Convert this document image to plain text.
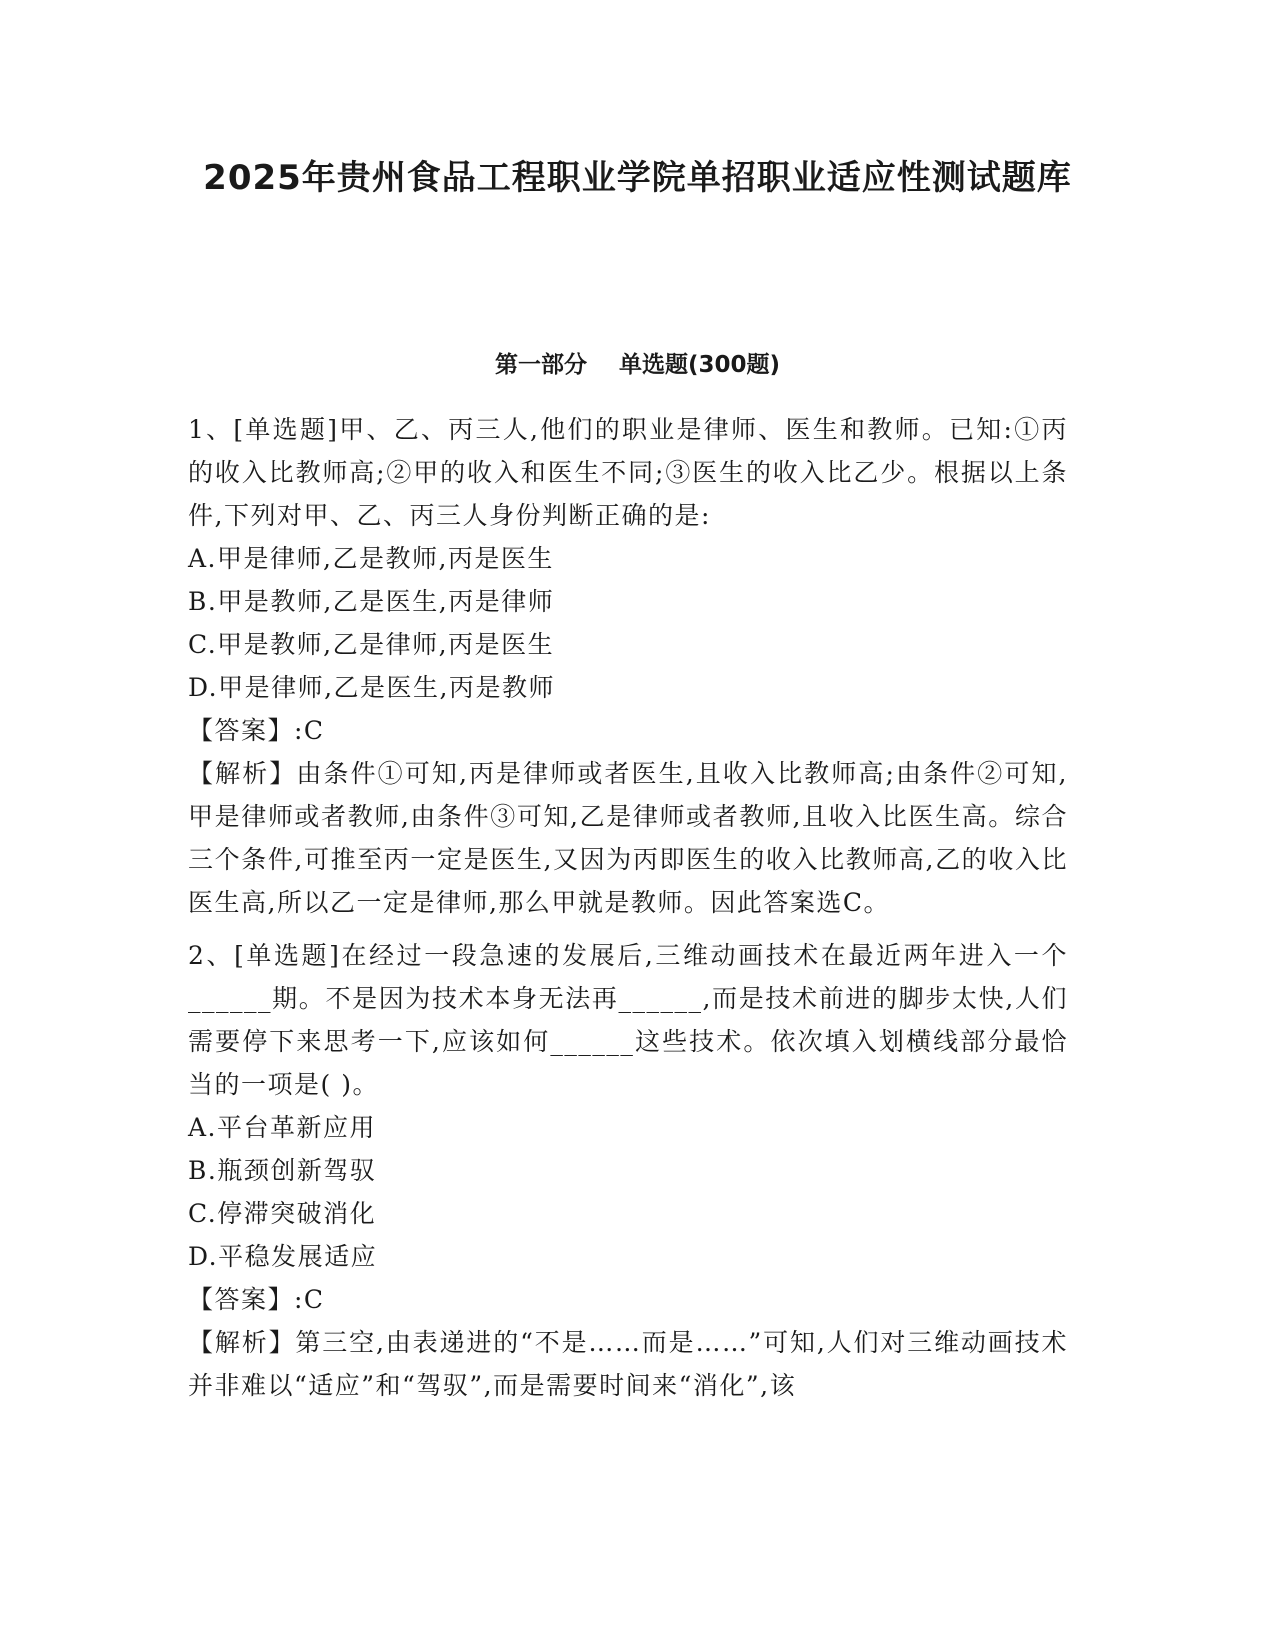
2025年贵州食品工程职业学院单招职业适应性测试题库
第一部分 单选题(300题)

1、[单选题]甲、乙、丙三人,他们的职业是律师、医生和教师。已知:①丙的收入比教师高;②甲的收入和医生不同;③医生的收入比乙少。根据以上条件,下列对甲、乙、丙三人身份判断正确的是:

A.甲是律师,乙是教师,丙是医生

B.甲是教师,乙是医生,丙是律师

C.甲是教师,乙是律师,丙是医生

D.甲是律师,乙是医生,丙是教师

【答案】:C

【解析】由条件①可知,丙是律师或者医生,且收入比教师高;由条件②可知,甲是律师或者教师,由条件③可知,乙是律师或者教师,且收入比医生高。综合三个条件,可推至丙一定是医生,又因为丙即医生的收入比教师高,乙的收入比医生高,所以乙一定是律师,那么甲就是教师。因此答案选C。

2、[单选题]在经过一段急速的发展后,三维动画技术在最近两年进入一个______期。不是因为技术本身无法再______,而是技术前进的脚步太快,人们需要停下来思考一下,应该如何______这些技术。依次填入划横线部分最恰当的一项是( )。

A.平台革新应用

B.瓶颈创新驾驭

C.停滞突破消化

D.平稳发展适应

【答案】:C

【解析】第三空,由表递进的“不是……而是……”可知,人们对三维动画技术并非难以“适应”和“驾驭”,而是需要时间来“消化”,该
